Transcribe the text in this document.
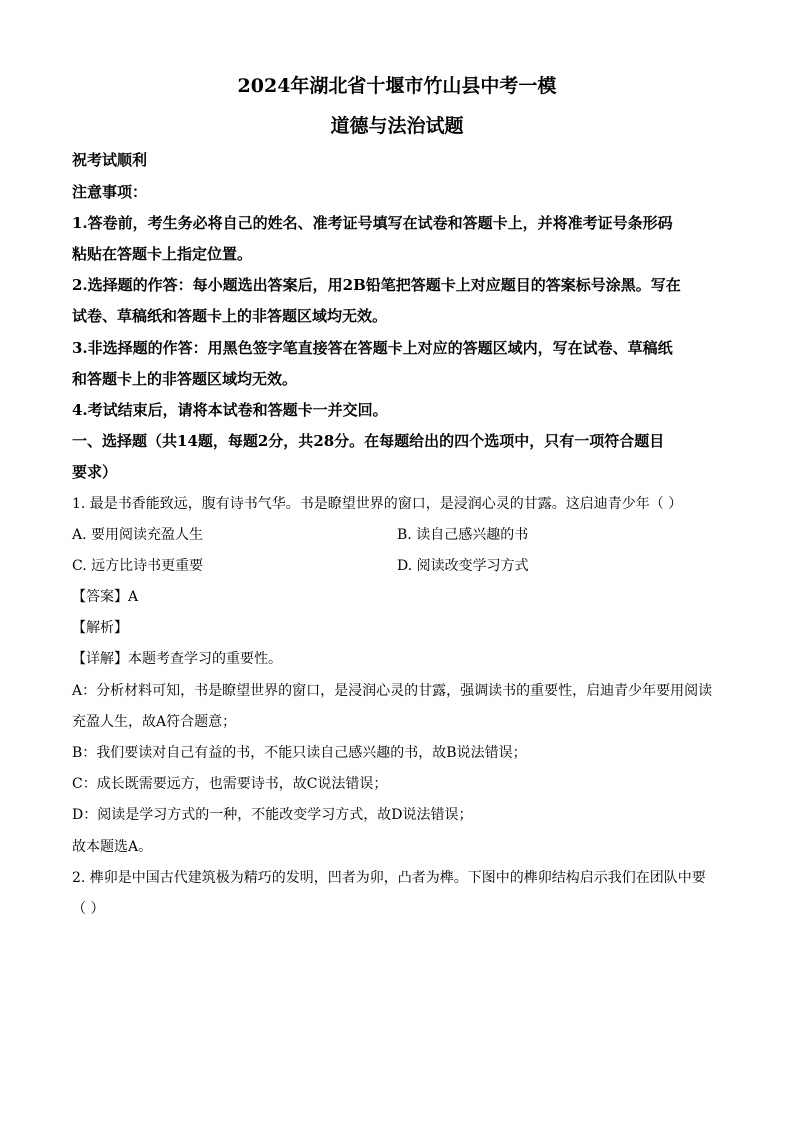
2024年湖北省十堰市竹山县中考一模
道德与法治试题
祝考试顺利
注意事项：
1.答卷前，考生务必将自己的姓名、准考证号填写在试卷和答题卡上，并将准考证号条形码
粘贴在答题卡上指定位置。
2.选择题的作答：每小题选出答案后，用2B铅笔把答题卡上对应题目的答案标号涂黑。写在
试卷、草稿纸和答题卡上的非答题区域均无效。
3.非选择题的作答：用黑色签字笔直接答在答题卡上对应的答题区域内，写在试卷、草稿纸
和答题卡上的非答题区域均无效。
4.考试结束后，请将本试卷和答题卡一并交回。
一、选择题（共14题，每题2分，共28分。在每题给出的四个选项中，只有一项符合题目
要求）
1. 最是书香能致远，腹有诗书气华。书是瞭望世界的窗口，是浸润心灵的甘露。这启迪青少年（ ）
A. 要用阅读充盈人生	B. 读自己感兴趣的书
C. 远方比诗书更重要	D. 阅读改变学习方式
【答案】A
【解析】
【详解】本题考查学习的重要性。
A：分析材料可知，书是瞭望世界的窗口，是浸润心灵的甘露，强调读书的重要性，启迪青少年要用阅读
充盈人生，故A符合题意；
B：我们要读对自己有益的书，不能只读自己感兴趣的书，故B说法错误；
C：成长既需要远方，也需要诗书，故C说法错误；
D：阅读是学习方式的一种，不能改变学习方式，故D说法错误；
故本题选A。
2. 榫卯是中国古代建筑极为精巧的发明，凹者为卯，凸者为榫。下图中的榫卯结构启示我们在团队中要
（ ）
